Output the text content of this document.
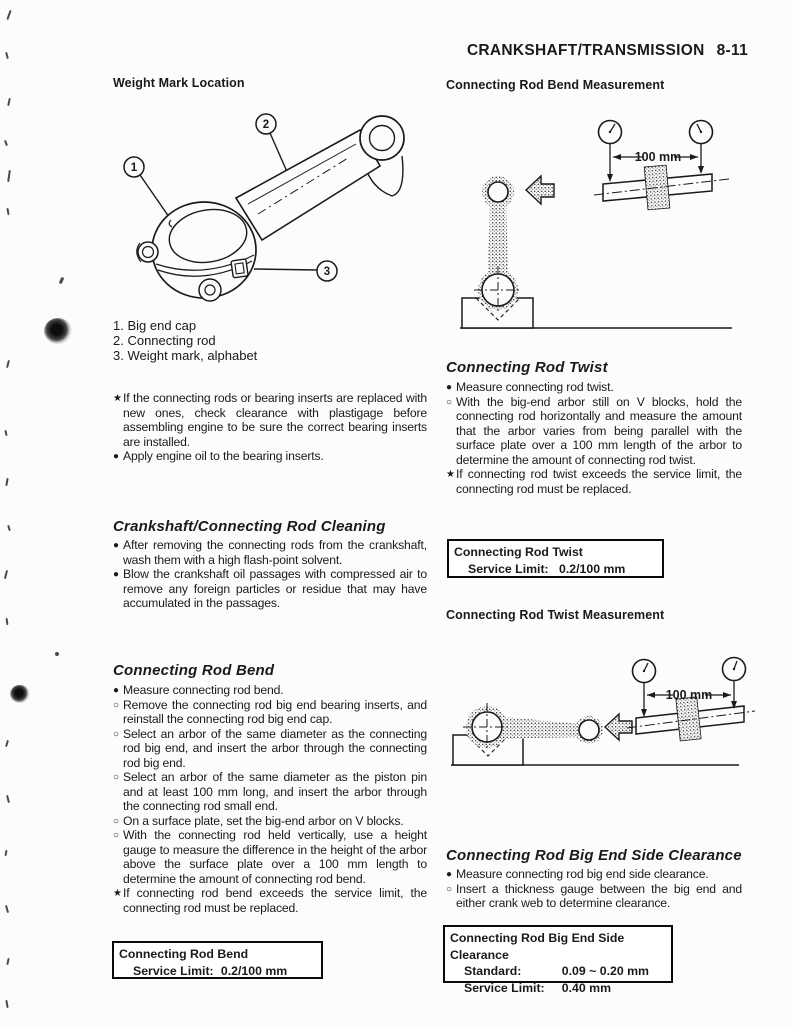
CRANKSHAFT/TRANSMISSION 8-11
Weight Mark Location
1
2
3
1. Big end cap
2. Connecting rod
3. Weight mark, alphabet

★ If the connecting rods or bearing inserts are replaced with new ones, check clearance with plastigage before assembling engine to be sure the correct bearing inserts are installed.

● Apply engine oil to the bearing inserts.

Crankshaft/Connecting Rod Cleaning

● After removing the connecting rods from the crankshaft, wash them with a high flash-point solvent.

● Blow the crankshaft oil passages with compressed air to remove any foreign particles or residue that may have accumulated in the passages.

Connecting Rod Bend

● Measure connecting rod bend.

○ Remove the connecting rod big end bearing inserts, and reinstall the connecting rod big end cap.

○ Select an arbor of the same diameter as the connecting rod big end, and insert the arbor through the connecting rod big end.

○ Select an arbor of the same diameter as the piston pin and at least 100 mm long, and insert the arbor through the connecting rod small end.

○ On a surface plate, set the big-end arbor on V blocks.

○ With the connecting rod held vertically, use a height gauge to measure the difference in the height of the arbor above the surface plate over a 100 mm length to determine the amount of connecting rod bend.

★ If connecting rod bend exceeds the service limit, the connecting rod must be replaced.

Connecting Rod Bend
Service Limit: 0.2/100 mm
Connecting Rod Bend Measurement
100 mm
Connecting Rod Twist

● Measure connecting rod twist.

○ With the big-end arbor still on V blocks, hold the connecting rod horizontally and measure the amount that the arbor varies from being parallel with the surface plate over a 100 mm length of the arbor to determine the amount of connecting rod twist.

★ If connecting rod twist exceeds the service limit, the connecting rod must be replaced.

Connecting Rod Twist
Service Limit: 0.2/100 mm
Connecting Rod Twist Measurement
100 mm
Connecting Rod Big End Side Clearance

● Measure connecting rod big end side clearance.

○ Insert a thickness gauge between the big end and either crank web to determine clearance.

Connecting Rod Big End Side Clearance
Standard:	0.09 ~ 0.20 mm
Service Limit:	0.40 mm
